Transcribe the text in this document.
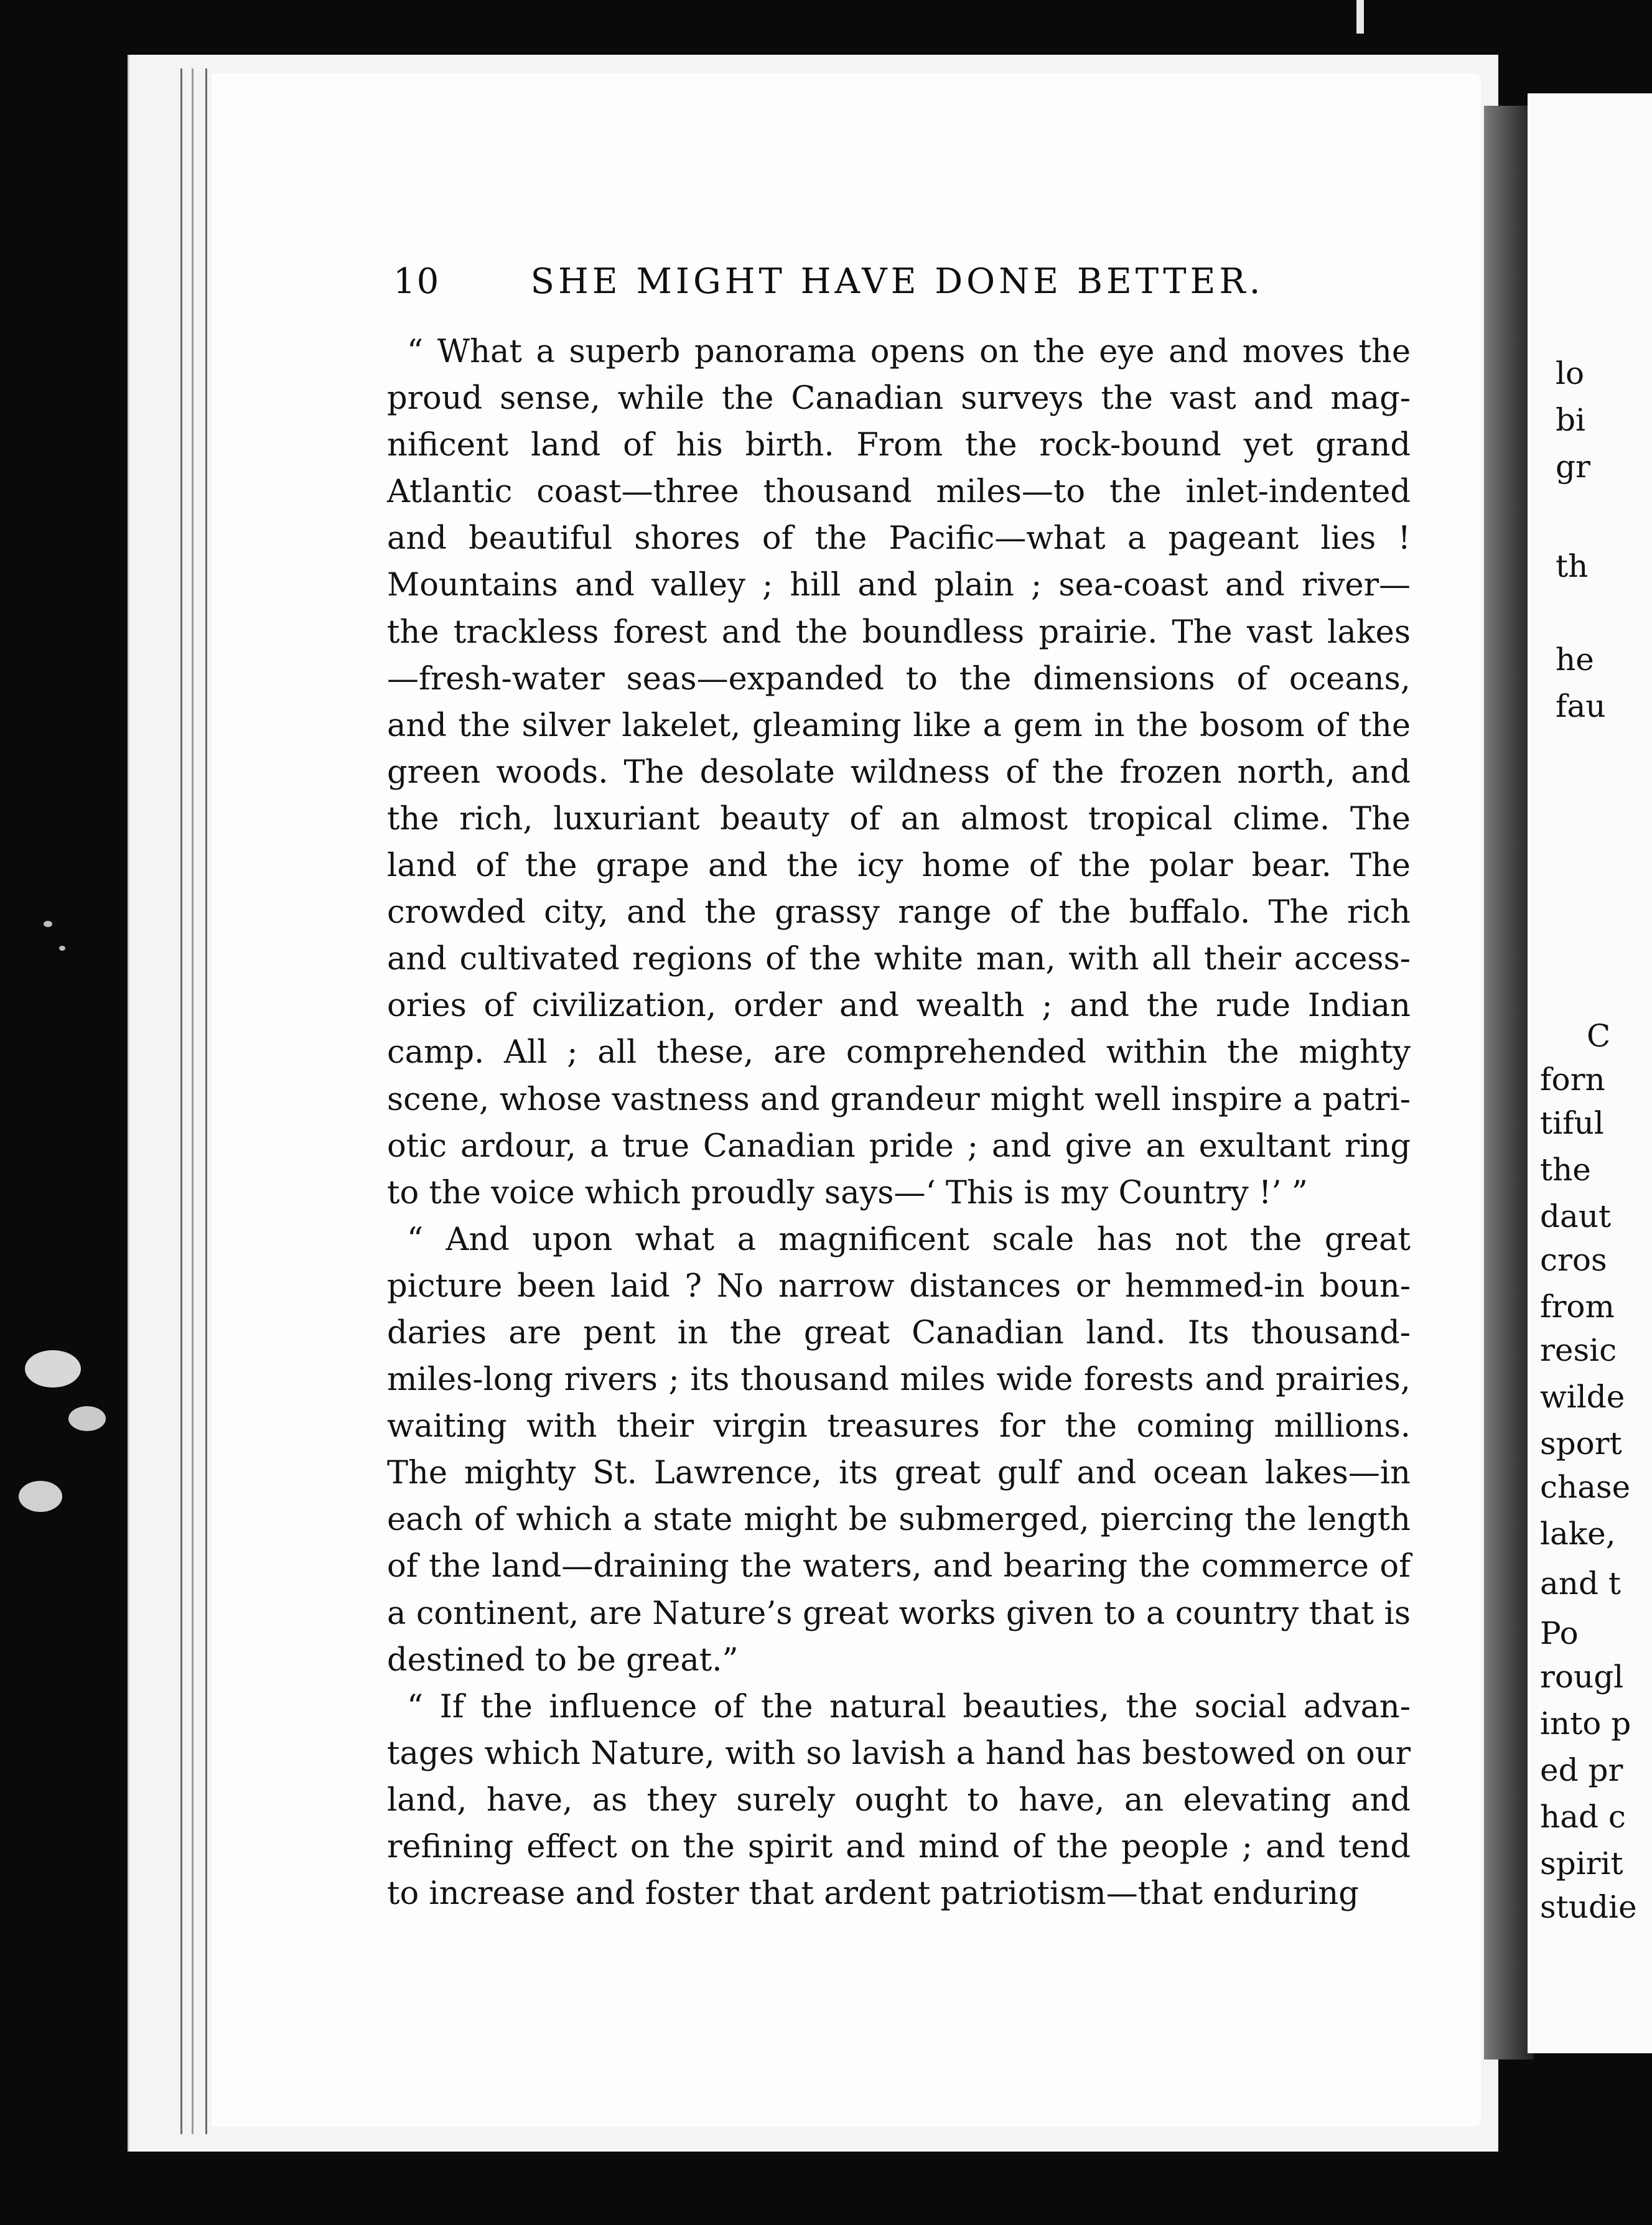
10	SHE MIGHT HAVE DONE BETTER.
“ What a superb panorama opens on the eye and moves the
proud sense, while the Canadian surveys the vast and mag-
nificent land of his birth. From the rock-bound yet grand
Atlantic coast—three thousand miles—to the inlet-indented
and beautiful shores of the Pacific—what a pageant lies !
Mountains and valley ; hill and plain ; sea-coast and river—
the trackless forest and the boundless prairie. The vast lakes
—fresh-water seas—expanded to the dimensions of oceans,
and the silver lakelet, gleaming like a gem in the bosom of the
green woods. The desolate wildness of the frozen north, and
the rich, luxuriant beauty of an almost tropical clime. The
land of the grape and the icy home of the polar bear. The
crowded city, and the grassy range of the buffalo. The rich
and cultivated regions of the white man, with all their access-
ories of civilization, order and wealth ; and the rude Indian
camp. All ; all these, are comprehended within the mighty
scene, whose vastness and grandeur might well inspire a patri-
otic ardour, a true Canadian pride ; and give an exultant ring
to the voice which proudly says—‘ This is my Country !’ ”
“ And upon what a magnificent scale has not the great
picture been laid ? No narrow distances or hemmed-in boun-
daries are pent in the great Canadian land. Its thousand-
miles-long rivers ; its thousand miles wide forests and prairies,
waiting with their virgin treasures for the coming millions.
The mighty St. Lawrence, its great gulf and ocean lakes—in
each of which a state might be submerged, piercing the length
of the land—draining the waters, and bearing the commerce of
a continent, are Nature’s great works given to a country that is
destined to be great.”
“ If the influence of the natural beauties, the social advan-
tages which Nature, with so lavish a hand has bestowed on our
land, have, as they surely ought to have, an elevating and
refining effect on the spirit and mind of the people ; and tend
to increase and foster that ardent patriotism—that enduring
lo
bi
gr
th
he
fau
C
forn
tiful
the
daut
cros
from
resic
wilde
sport
chase
lake,
and t
Po
rougl
into p
ed pr
had c
spirit
studie
